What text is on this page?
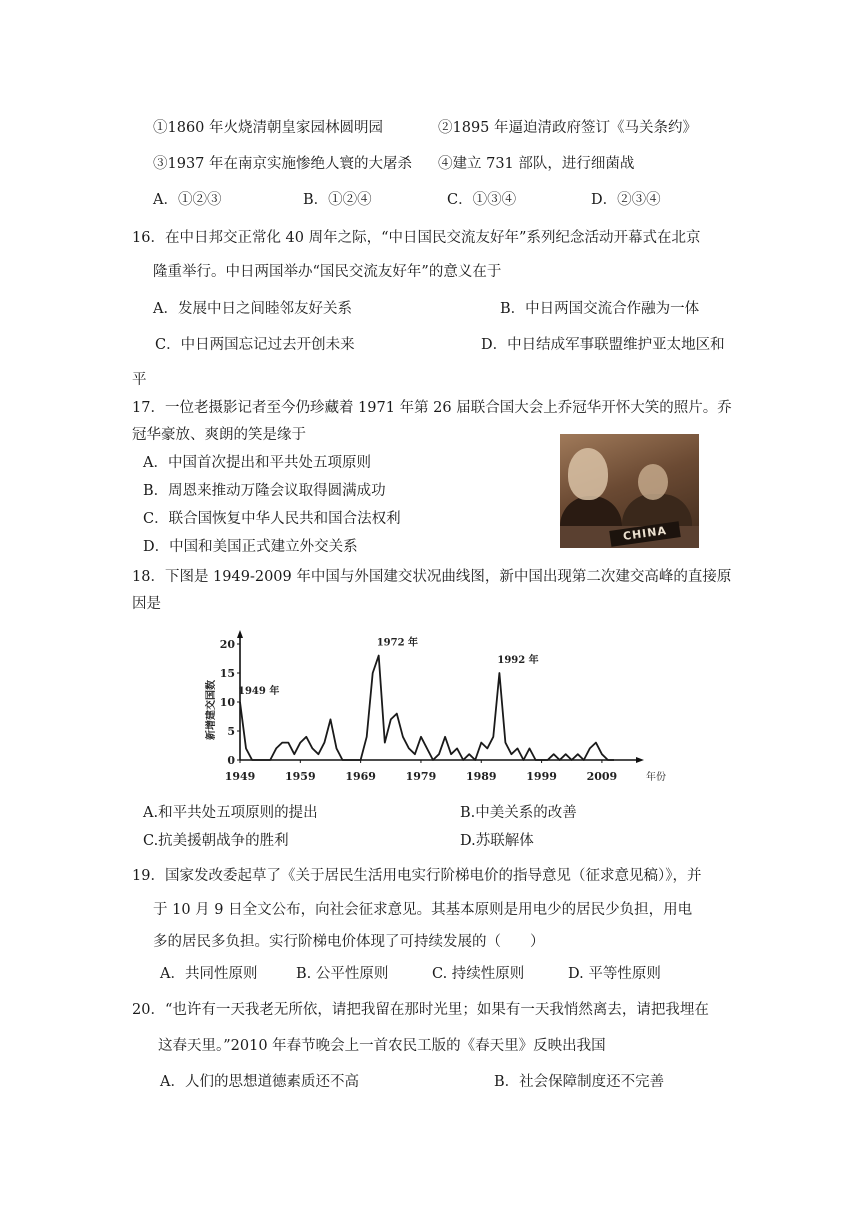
①1860 年火烧清朝皇家园林圆明园	②1895 年逼迫清政府签订《马关条约》
③1937 年在南京实施惨绝人寰的大屠杀 ④建立 731 部队，进行细菌战
A．①②③	B．①②④	C．①③④	D．②③④
16．在中日邦交正常化 40 周年之际，“中日国民交流友好年”系列纪念活动开幕式在北京
隆重举行。中日两国举办“国民交流友好年”的意义在于
A．发展中日之间睦邻友好关系	B．中日两国交流合作融为一体
C．中日两国忘记过去开创未来	D．中日结成军事联盟维护亚太地区和
平
17．一位老摄影记者至今仍珍藏着 1971 年第 26 届联合国大会上乔冠华开怀大笑的照片。乔
冠华豪放、爽朗的笑是缘于
A．中国首次提出和平共处五项原则
B．周恩来推动万隆会议取得圆满成功
C．联合国恢复中华人民共和国合法权利
D．中国和美国正式建立外交关系
CHINA
18．下图是 1949-2009 年中国与外国建交状况曲线图，新中国出现第二次建交高峰的直接原
因是
0
5
10
15
20
1949	1959	1969	1979	1989	1999	2009
1949 年
1972 年
1992 年
新增建交国数
年份
A.和平共处五项原则的提出	B.中美关系的改善
C.抗美援朝战争的胜利	D.苏联解体
19．国家发改委起草了《关于居民生活用电实行阶梯电价的指导意见（征求意见稿）》，并
于 10 月 9 日全文公布，向社会征求意见。其基本原则是用电少的居民少负担，用电
多的居民多负担。实行阶梯电价体现了可持续发展的（　　）
A．共同性原则	B. 公平性原则	C. 持续性原则	D. 平等性原则
20．“也许有一天我老无所依，请把我留在那时光里；如果有一天我悄然离去，请把我埋在
这春天里。”2010 年春节晚会上一首农民工版的《春天里》反映出我国
A．人们的思想道德素质还不高	B．社会保障制度还不完善
